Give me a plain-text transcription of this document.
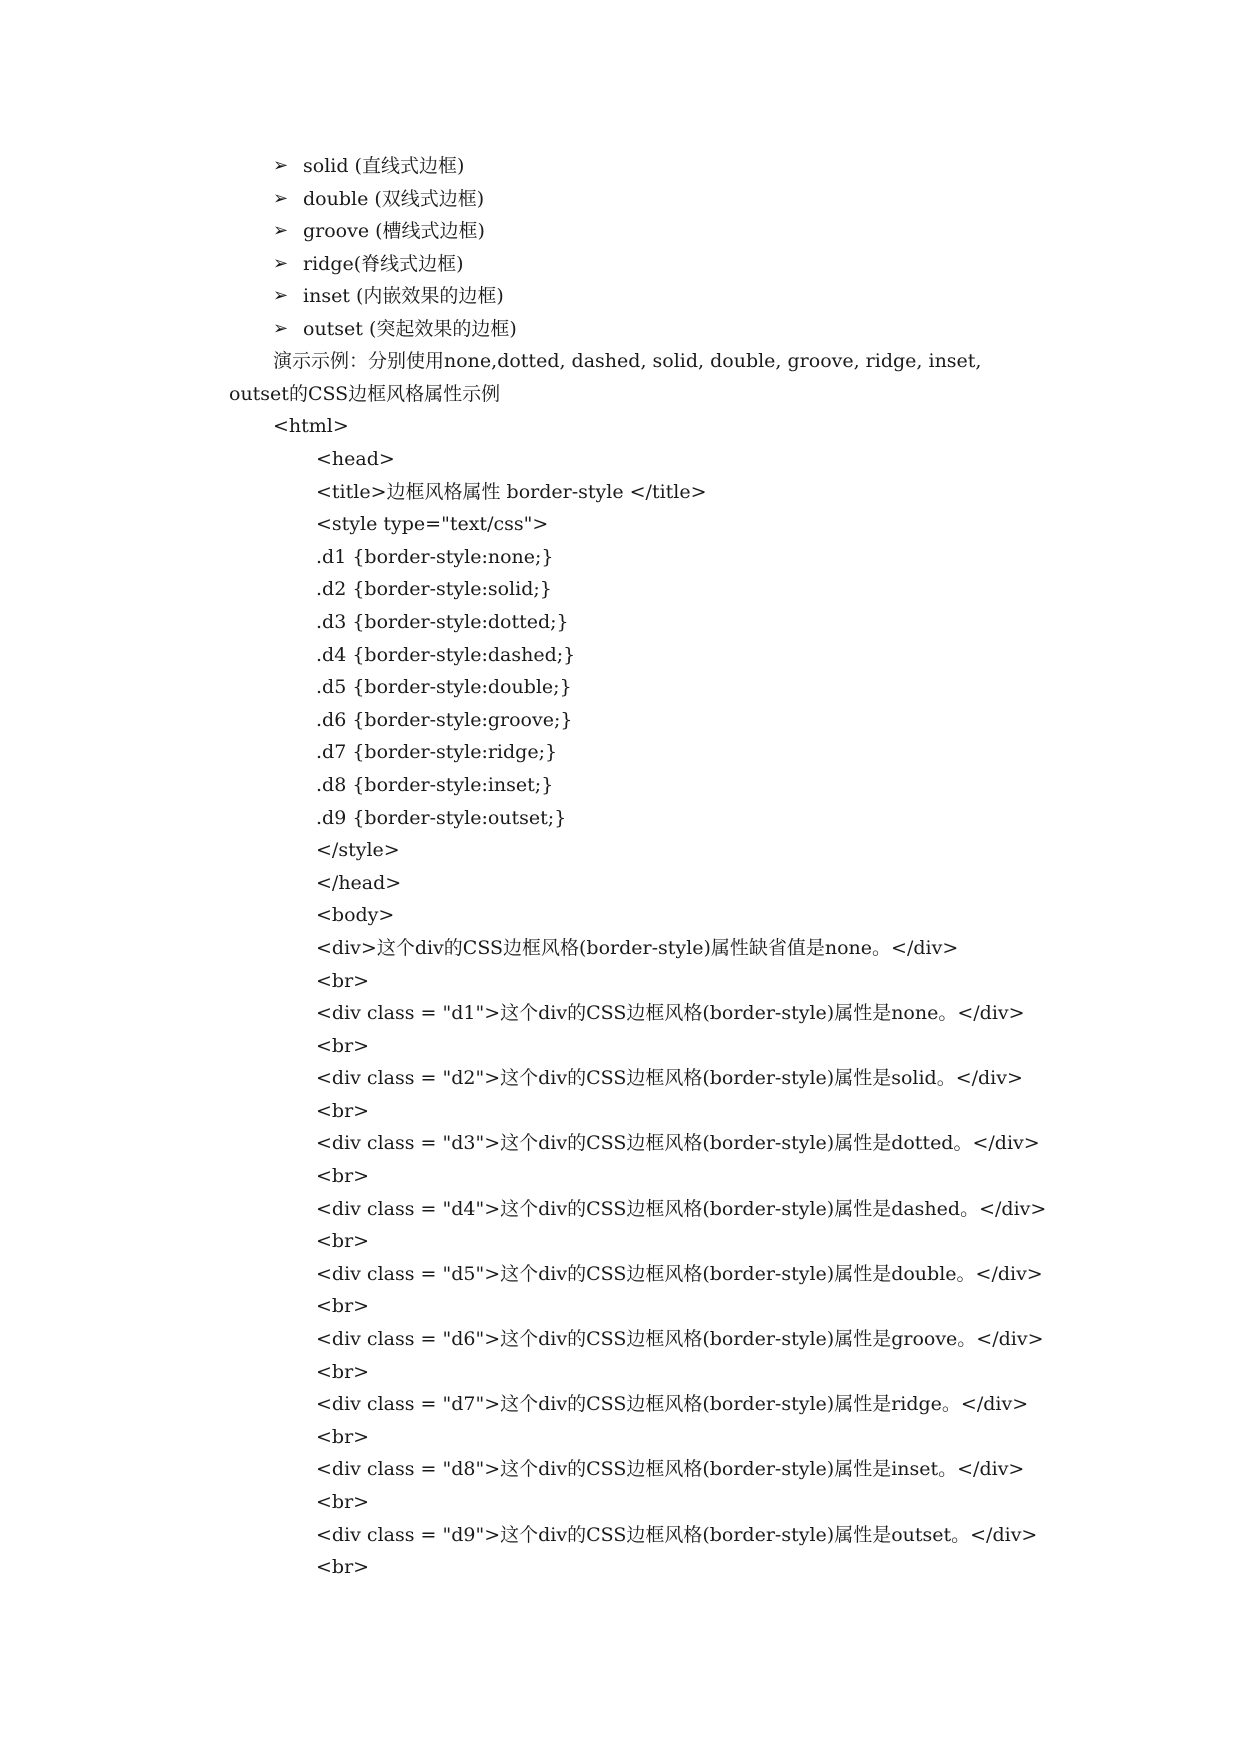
➢ solid (直线式边框)
➢ double (双线式边框)
➢ groove (槽线式边框)
➢ ridge(脊线式边框)
➢ inset (内嵌效果的边框)
➢ outset (突起效果的边框)
演示示例：分别使用none,dotted, dashed, solid, double, groove, ridge, inset,
outset的CSS边框风格属性示例
<html>
<head>
<title>边框风格属性 border-style </title>
<style type="text/css">
.d1 {border-style:none;}
.d2 {border-style:solid;}
.d3 {border-style:dotted;}
.d4 {border-style:dashed;}
.d5 {border-style:double;}
.d6 {border-style:groove;}
.d7 {border-style:ridge;}
.d8 {border-style:inset;}
.d9 {border-style:outset;}
</style>
</head>
<body>
<div>这个div的CSS边框风格(border-style)属性缺省值是none。</div>
<br>
<div class = "d1">这个div的CSS边框风格(border-style)属性是none。</div>
<br>
<div class = "d2">这个div的CSS边框风格(border-style)属性是solid。</div>
<br>
<div class = "d3">这个div的CSS边框风格(border-style)属性是dotted。</div>
<br>
<div class = "d4">这个div的CSS边框风格(border-style)属性是dashed。</div>
<br>
<div class = "d5">这个div的CSS边框风格(border-style)属性是double。</div>
<br>
<div class = "d6">这个div的CSS边框风格(border-style)属性是groove。</div>
<br>
<div class = "d7">这个div的CSS边框风格(border-style)属性是ridge。</div>
<br>
<div class = "d8">这个div的CSS边框风格(border-style)属性是inset。</div>
<br>
<div class = "d9">这个div的CSS边框风格(border-style)属性是outset。</div>
<br>
